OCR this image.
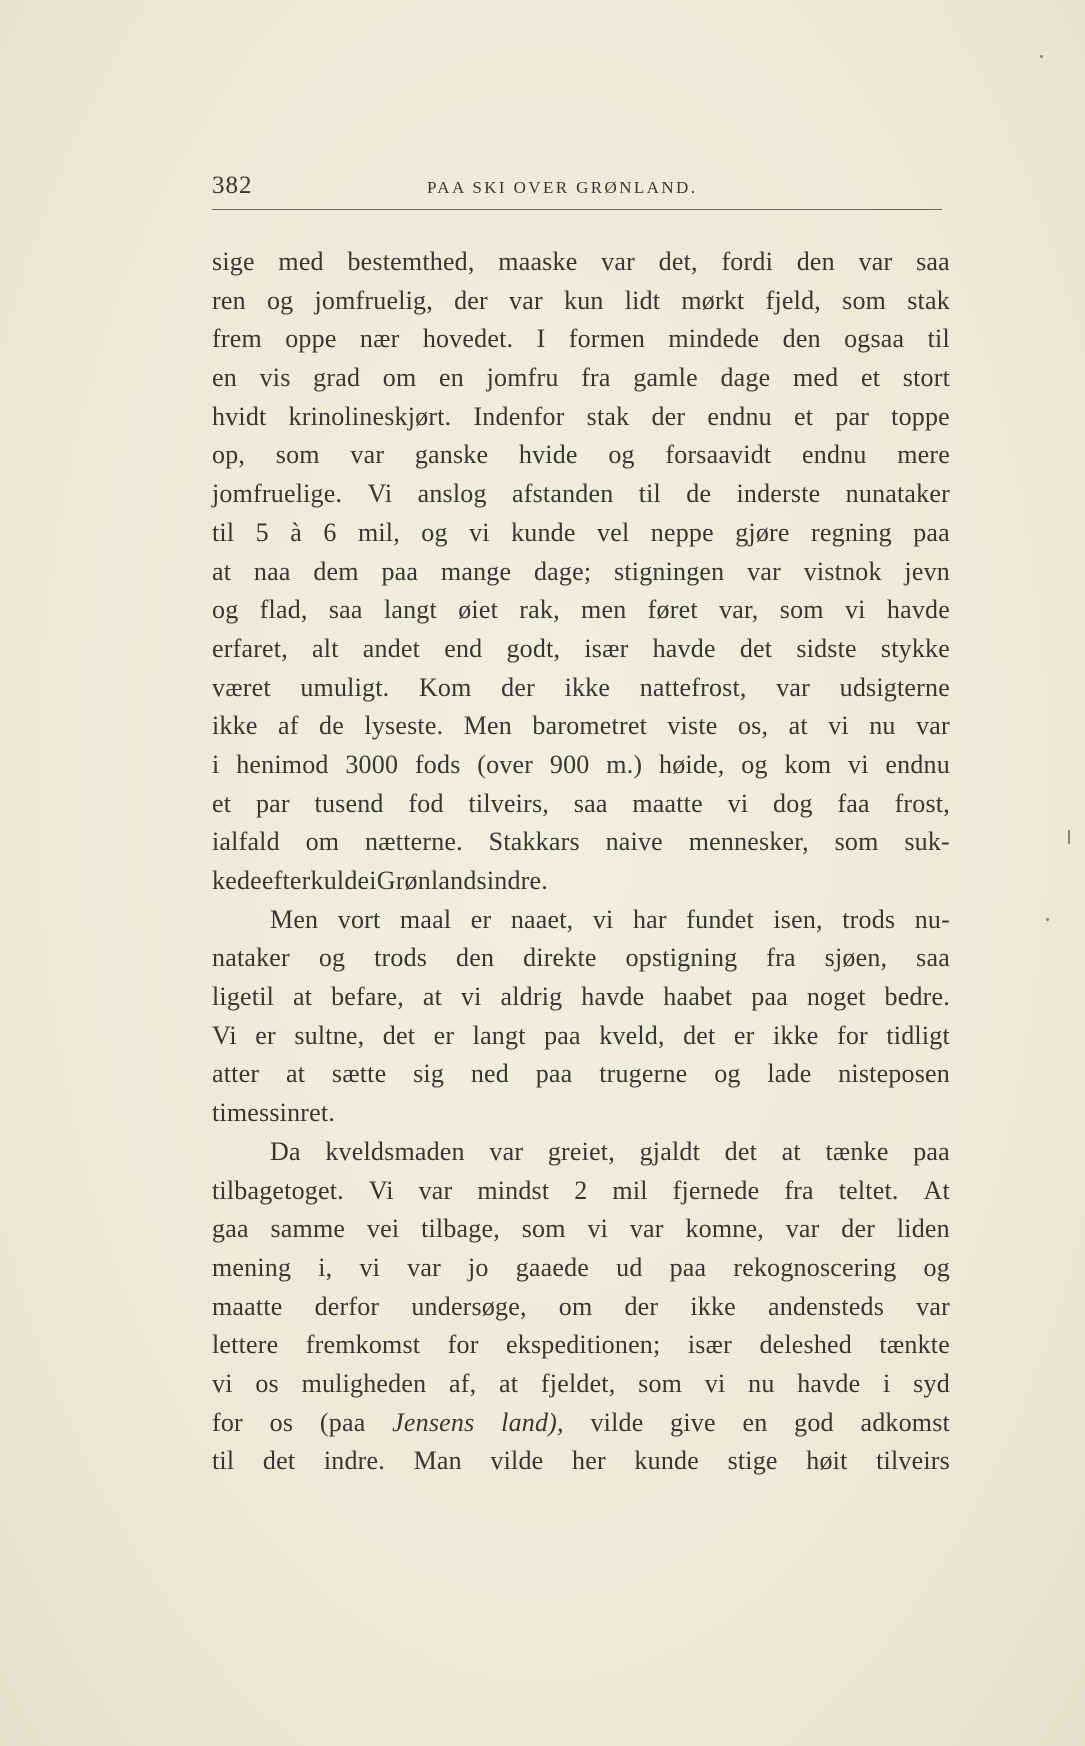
382	PAA SKI OVER GRØNLAND.
sige med bestemthed, maaske var det, fordi den var saa
ren og jomfruelig, der var kun lidt mørkt fjeld, som stak
frem oppe nær hovedet. I formen mindede den ogsaa til
en vis grad om en jomfru fra gamle dage med et stort
hvidt krinolineskjørt. Indenfor stak der endnu et par toppe
op, som var ganske hvide og forsaavidt endnu mere
jomfruelige. Vi anslog afstanden til de inderste nunataker
til 5 à 6 mil, og vi kunde vel neppe gjøre regning paa
at naa dem paa mange dage; stigningen var vistnok jevn
og flad, saa langt øiet rak, men føret var, som vi havde
erfaret, alt andet end godt, især havde det sidste stykke
været umuligt. Kom der ikke nattefrost, var udsigterne
ikke af de lyseste. Men barometret viste os, at vi nu var
i henimod 3000 fods (over 900 m.) høide, og kom vi endnu
et par tusend fod tilveirs, saa maatte vi dog faa frost,
ialfald om nætterne. Stakkars naive mennesker, som suk-
kede
efter
kulde
i
Grønlands
indre.
Men vort maal er naaet, vi har fundet isen, trods nu-
nataker og trods den direkte opstigning fra sjøen, saa
ligetil at befare, at vi aldrig havde haabet paa noget bedre.
Vi er sultne, det er langt paa kveld, det er ikke for tidligt
atter at sætte sig ned paa trugerne og lade nisteposen
times
sin
ret.
Da kveldsmaden var greiet, gjaldt det at tænke paa
tilbagetoget. Vi var mindst 2 mil fjernede fra teltet. At
gaa samme vei tilbage, som vi var komne, var der liden
mening i, vi var jo gaaede ud paa rekognoscering og
maatte derfor undersøge, om der ikke andensteds var
lettere fremkomst for ekspeditionen; især deleshed tænkte
vi os muligheden af, at fjeldet, som vi nu havde i syd
for os (paa Jensens land), vilde give en god adkomst
til det indre. Man vilde her kunde stige høit tilveirs
